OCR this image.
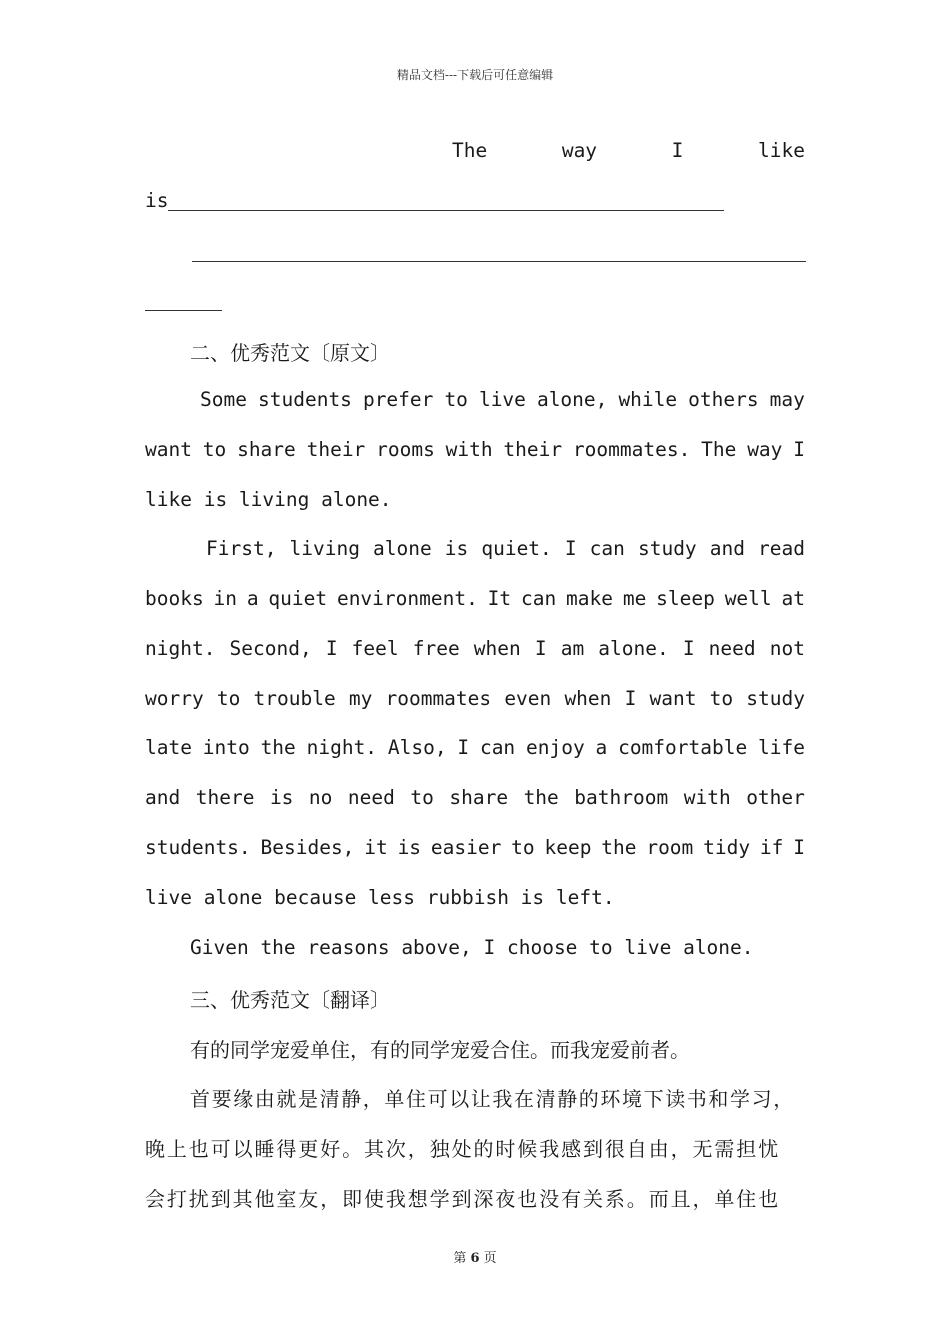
精品文档---下载后可任意编辑
The	way	I	like
is
二、优秀范文〔原文〕
Some students prefer to live alone, while others may
want to share their rooms with their roommates. The way I
like is living alone.
First, living alone is quiet. I can study and read
books in a quiet environment. It can make me sleep well at
night. Second, I feel free when I am alone. I need not
worry to trouble my roommates even when I want to study
late into the night. Also, I can enjoy a comfortable life
and there is no need to share the bathroom with other
students. Besides, it is easier to keep the room tidy if I
live alone because less rubbish is left.
Given the reasons above, I choose to live alone.
三、优秀范文〔翻译〕
有的同学宠爱单住，有的同学宠爱合住。而我宠爱前者。
首要缘由就是清静，单住可以让我在清静的环境下读书和学习，
晚上也可以睡得更好。其次，独处的时候我感到很自由，无需担忧
会打扰到其他室友，即使我想学到深夜也没有关系。而且，单住也
第 6 页
